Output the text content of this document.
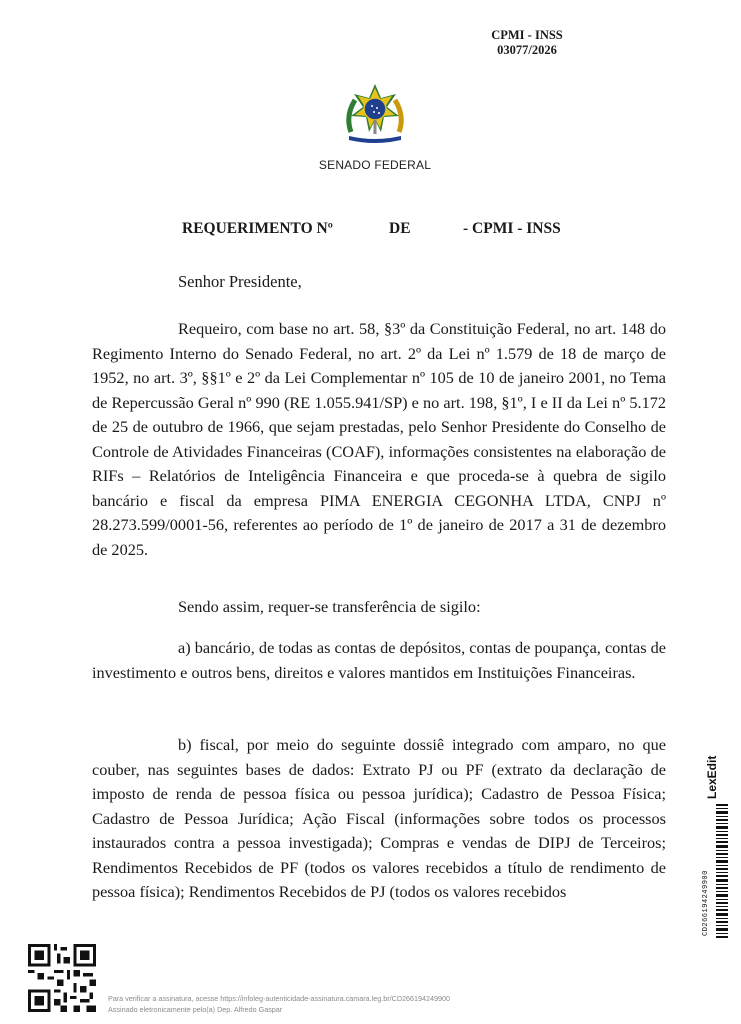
CPMI - INSS
03077/2026
SENADO FEDERAL
REQUERIMENTO Nº	DE	- CPMI - INSS
Senhor Presidente,

Requeiro, com base no art. 58, §3º da Constituição Federal, no art. 148 do Regimento Interno do Senado Federal, no art. 2º da Lei nº 1.579 de 18 de março de 1952, no art. 3º, §§1º e 2º da Lei Complementar nº 105 de 10 de janeiro 2001, no Tema de Repercussão Geral nº 990 (RE 1.055.941/SP) e no art. 198, §1º, I e II da Lei nº 5.172 de 25 de outubro de 1966, que sejam prestadas, pelo Senhor Presidente do Conselho de Controle de Atividades Financeiras (COAF), informações consistentes na elaboração de RIFs – Relatórios de Inteligência Financeira e que proceda-se à quebra de sigilo bancário e fiscal da empresa PIMA ENERGIA CEGONHA LTDA, CNPJ nº 28.273.599/0001-56, referentes ao período de 1º de janeiro de 2017 a 31 de dezembro de 2025.

Sendo assim, requer-se transferência de sigilo:

a) bancário, de todas as contas de depósitos, contas de poupança, contas de investimento e outros bens, direitos e valores mantidos em Instituições Financeiras.

b) fiscal, por meio do seguinte dossiê integrado com amparo, no que couber, nas seguintes bases de dados: Extrato PJ ou PF (extrato da declaração de imposto de renda de pessoa física ou pessoa jurídica); Cadastro de Pessoa Física; Cadastro de Pessoa Jurídica; Ação Fiscal (informações sobre todos os processos instaurados contra a pessoa investigada); Compras e vendas de DIPJ de Terceiros; Rendimentos Recebidos de PF (todos os valores recebidos a título de rendimento de pessoa física); Rendimentos Recebidos de PJ (todos os valores recebidos

Para verificar a assinatura, acesse https://infoleg-autenticidade-assinatura.camara.leg.br/CD266194249900
Assinado eletronicamente pelo(a) Dep. Alfredo Gaspar
LexEdit
CD266194249900
